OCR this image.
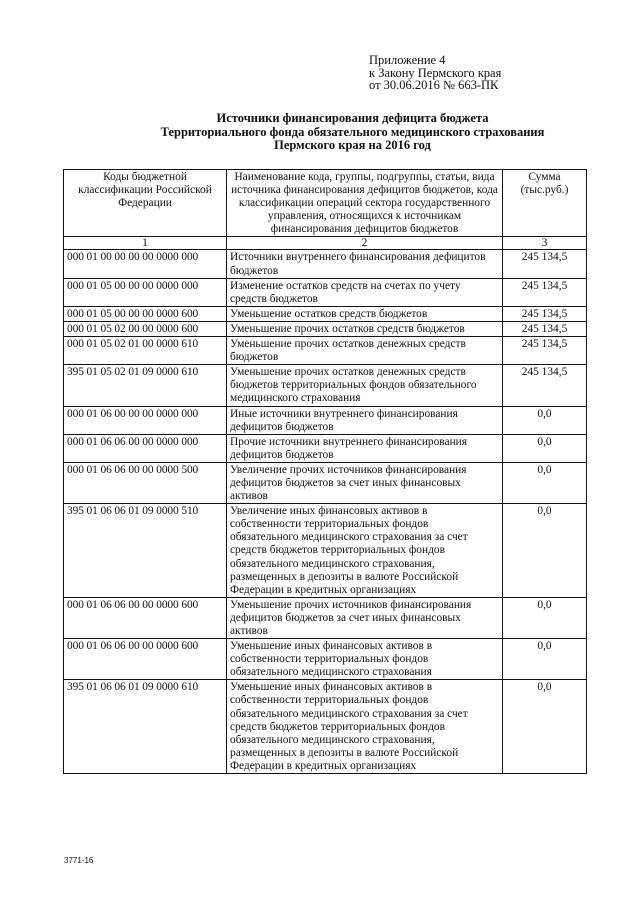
Приложение 4
к Закону Пермского края
от 30.06.2016 № 663-ПК
Источники финансирования дефицита бюджета
Территориального фонда обязательного медицинского страхования
Пермского края на 2016 год
Коды бюджетной классификации Российской Федерации	Наименование кода, группы, подгруппы, статьи, вида источника финансирования дефицитов бюджетов, кода классификации операций сектора государственного управления, относящихся к источникам финансирования дефицитов бюджетов	Сумма (тыс.руб.)
1	2	3
000 01 00 00 00 00 0000 000	Источники внутреннего финансирования дефицитов бюджетов	245 134,5
000 01 05 00 00 00 0000 000	Изменение остатков средств на счетах по учету средств бюджетов	245 134,5
000 01 05 00 00 00 0000 600	Уменьшение остатков средств бюджетов	245 134,5
000 01 05 02 00 00 0000 600	Уменьшение прочих остатков средств бюджетов	245 134,5
000 01 05 02 01 00 0000 610	Уменьшение прочих остатков денежных средств бюджетов	245 134,5
395 01 05 02 01 09 0000 610	Уменьшение прочих остатков денежных средств бюджетов территориальных фондов обязательного медицинского страхования	245 134,5
000 01 06 00 00 00 0000 000	Иные источники внутреннего финансирования дефицитов бюджетов	0,0
000 01 06 06 00 00 0000 000	Прочие источники внутреннего финансирования дефицитов бюджетов	0,0
000 01 06 06 00 00 0000 500	Увеличение прочих источников финансирования дефицитов бюджетов за счет иных финансовых активов	0,0
395 01 06 06 01 09 0000 510	Увеличение иных финансовых активов в собственности территориальных фондов обязательного медицинского страхования за счет средств бюджетов территориальных фондов обязательного медицинского страхования, размещенных в депозиты в валюте Российской Федерации в кредитных организациях	0,0
000 01 06 06 00 00 0000 600	Уменьшение прочих источников финансирования дефицитов бюджетов за счет иных финансовых активов	0,0
000 01 06 06 00 00 0000 600	Уменьшение иных финансовых активов в собственности территориальных фондов обязательного медицинского страхования	0,0
395 01 06 06 01 09 0000 610	Уменьшение иных финансовых активов в собственности территориальных фондов обязательного медицинского страхования за счет средств бюджетов территориальных фондов обязательного медицинского страхования, размещенных в депозиты в валюте Российской Федерации в кредитных организациях	0,0
3771-16
